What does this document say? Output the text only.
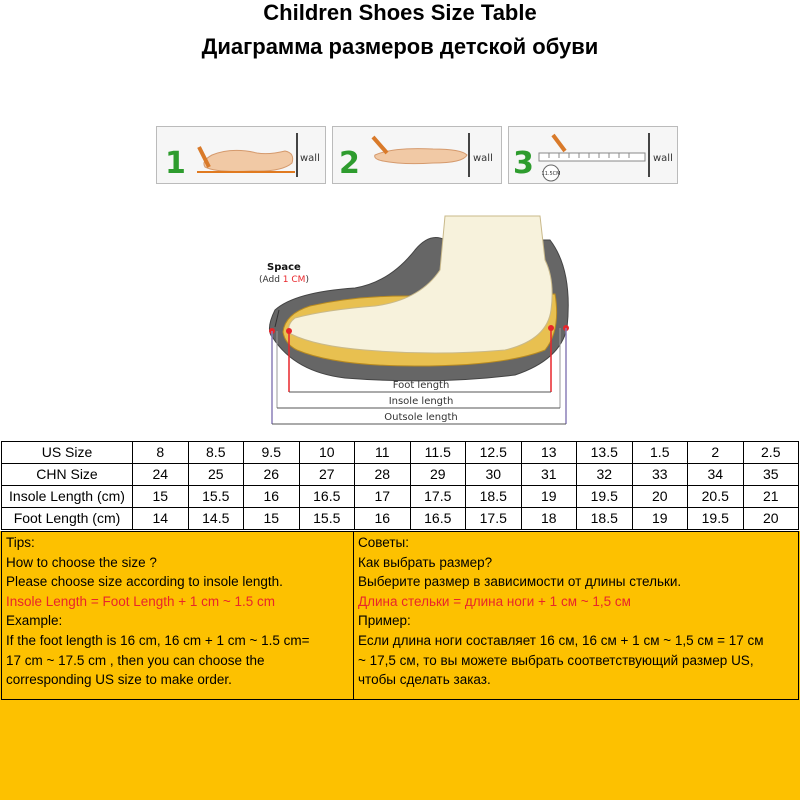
Children Shoes Size Table
Диаграмма размеров детской обуви
1	wall 2	wall 3 11.5CM
wall
Space
(Add 1 CM)
Foot length
Insole length
Outsole length
US Size	8	8.5	9.5	10	11	11.5	12.5	13	13.5	1.5	2	2.5
CHN Size	24	25	26	27	28	29	30	31	32	33	34	35
Insole Length (cm)	15	15.5	16	16.5	17	17.5	18.5	19	19.5	20	20.5	21
Foot Length (cm)	14	14.5	15	15.5	16	16.5	17.5	18	18.5	19	19.5	20
Tips:
How to choose the size ?
Please choose size according to insole length.
Insole Length = Foot Length + 1 cm ~ 1.5 cm
Example:
If the foot length is 16 cm, 16 cm + 1 cm ~ 1.5 cm=
17 cm ~ 17.5 cm , then you can choose the
corresponding US size to make order.
Советы:
Как выбрать размер?
Выберите размер в зависимости от длины стельки.
Длина стельки = длина ноги + 1 см ~ 1,5 см
Пример:
Если длина ноги составляет 16 см, 16 см + 1 см ~ 1,5 см = 17 см
~ 17,5 см, то вы можете выбрать соответствующий размер US,
чтобы сделать заказ.
